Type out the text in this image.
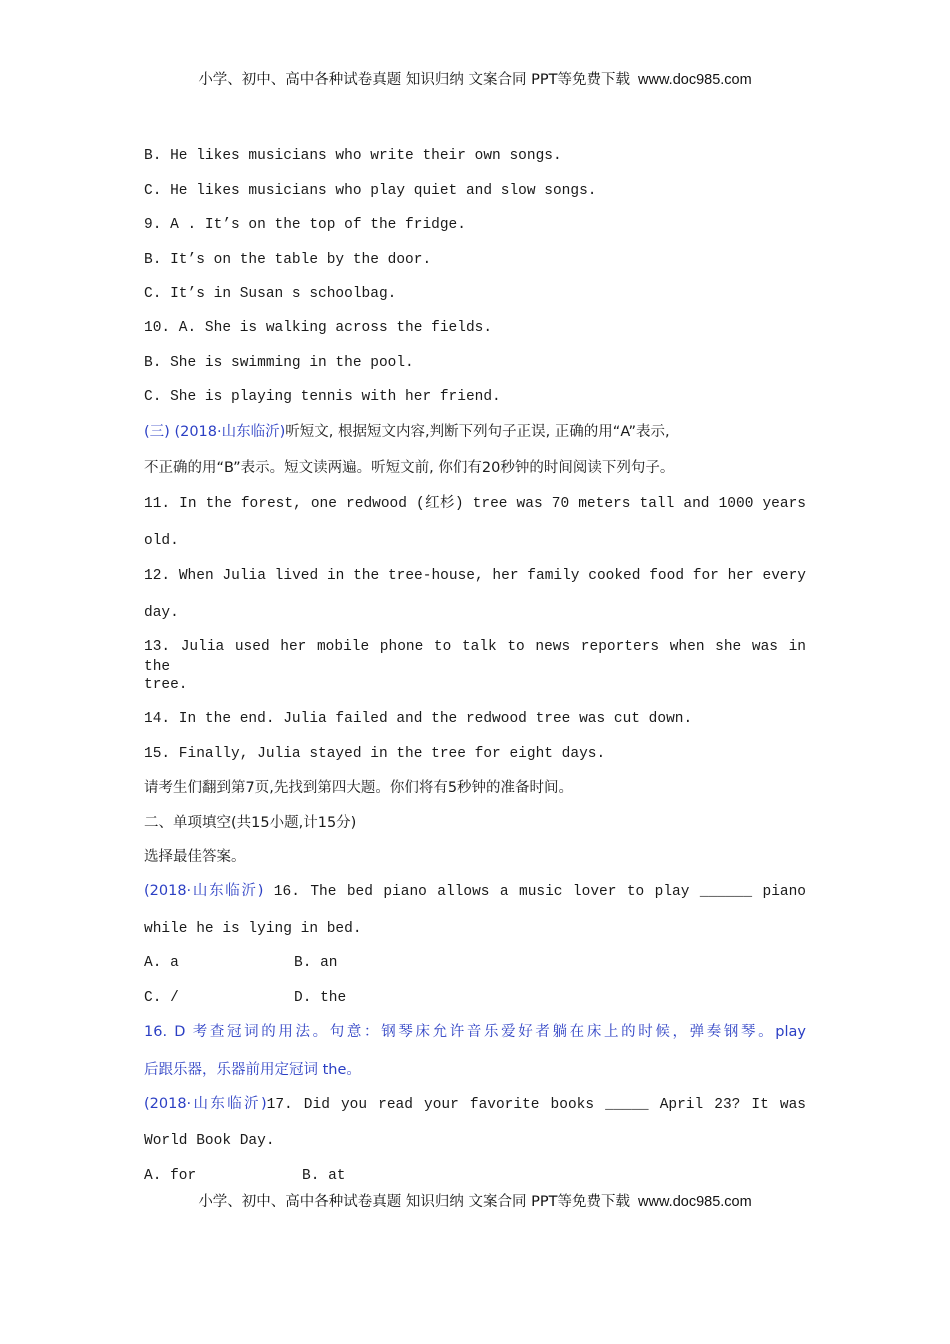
小学、初中、高中各种试卷真题 知识归纳 文案合同 PPT等免费下载 www.doc985.com
B. He likes musicians who write their own songs.
C. He likes musicians who play quiet and slow songs.
9. A . It’s on the top of the fridge.
B. It’s on the table by the door.
C. It’s in Susan s schoolbag.
10. A. She is walking across the fields.
B. She is swimming in the pool.
C. She is playing tennis with her friend.
(三) (2018·山东临沂)听短文, 根据短文内容,判断下列句子正误, 正确的用“A”表示,
不正确的用“B”表示。短文读两遍。听短文前, 你们有20秒钟的时间阅读下列句子。
11. In the forest, one redwood (红杉) tree was 70 meters tall and 1000 years
old.
12. When Julia lived in the tree-house, her family cooked food for her every
day.
13. Julia used her mobile phone to talk to news reporters when she was in the
tree.
14. In the end. Julia failed and the redwood tree was cut down.
15. Finally, Julia stayed in the tree for eight days.
请考生们翻到第7页,先找到第四大题。你们将有5秒钟的准备时间。
二、单项填空(共15小题,计15分)
选择最佳答案。
(2018·山东临沂) 16. The bed piano allows a music lover to play ______ piano
while he is lying in bed.
A. a	B. an
C. /	D. the
16. D 考查冠词的用法。句意：钢琴床允许音乐爱好者躺在床上的时候，弹奏钢琴。play
后跟乐器，乐器前用定冠词 the。
(2018·山东临沂)17. Did you read your favorite books _____ April 23? It was
World Book Day.
A. for	B. at
小学、初中、高中各种试卷真题 知识归纳 文案合同 PPT等免费下载 www.doc985.com
